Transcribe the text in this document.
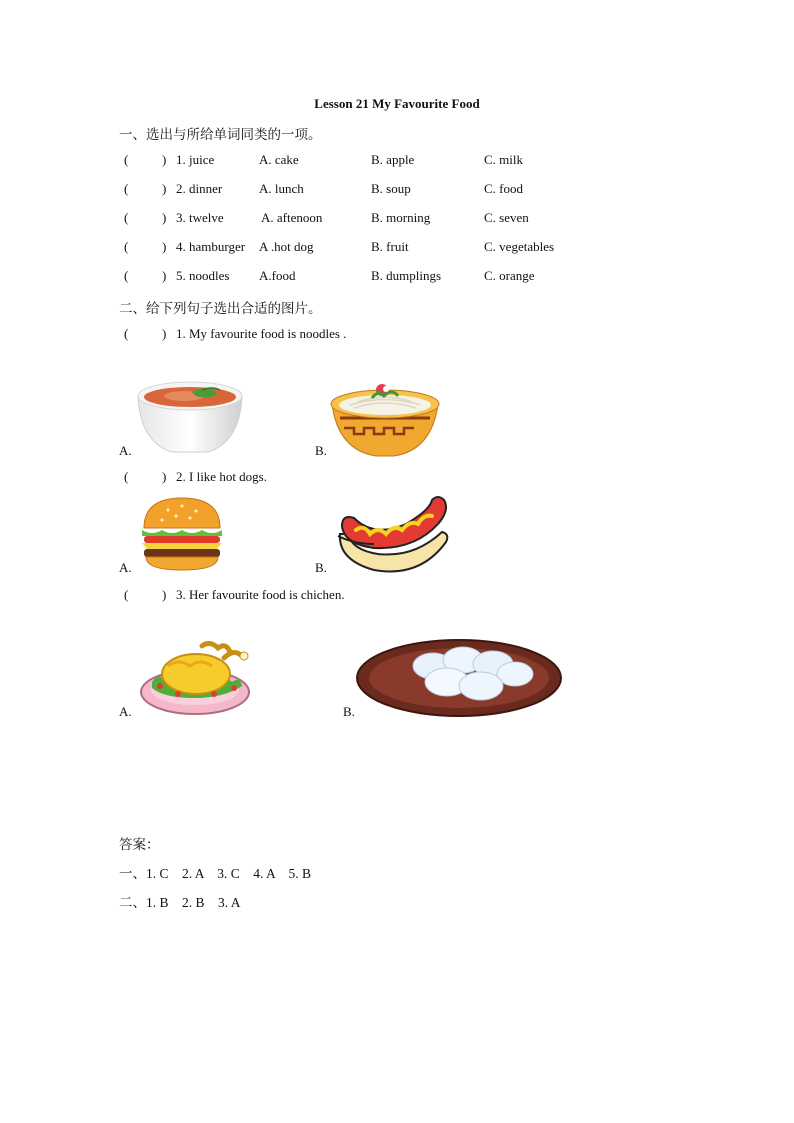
Lesson 21 My Favourite Food
一、选出与所给单词同类的一项。
(	) 1. juice	A. cake	B. apple	C. milk
(	) 2. dinner	A. lunch	B. soup	C. food
(	) 3. twelve	A. aftenoon	B. morning	C. seven
(	) 4. hamburger A .hot dog	B. fruit	C. vegetables
(	) 5. noodles A.food	B. dumplings	C. orange
二、给下列句子选出合适的图片。
(	) 1. My favourite food is noodles .
A.	B.
(	) 2. I like hot dogs.
A.	B.
(	) 3. Her favourite food is chichen.
A.	B.
答案：
一、1. C　2. A　3. C　4. A　5. B
二、1. B　2. B　3. A
